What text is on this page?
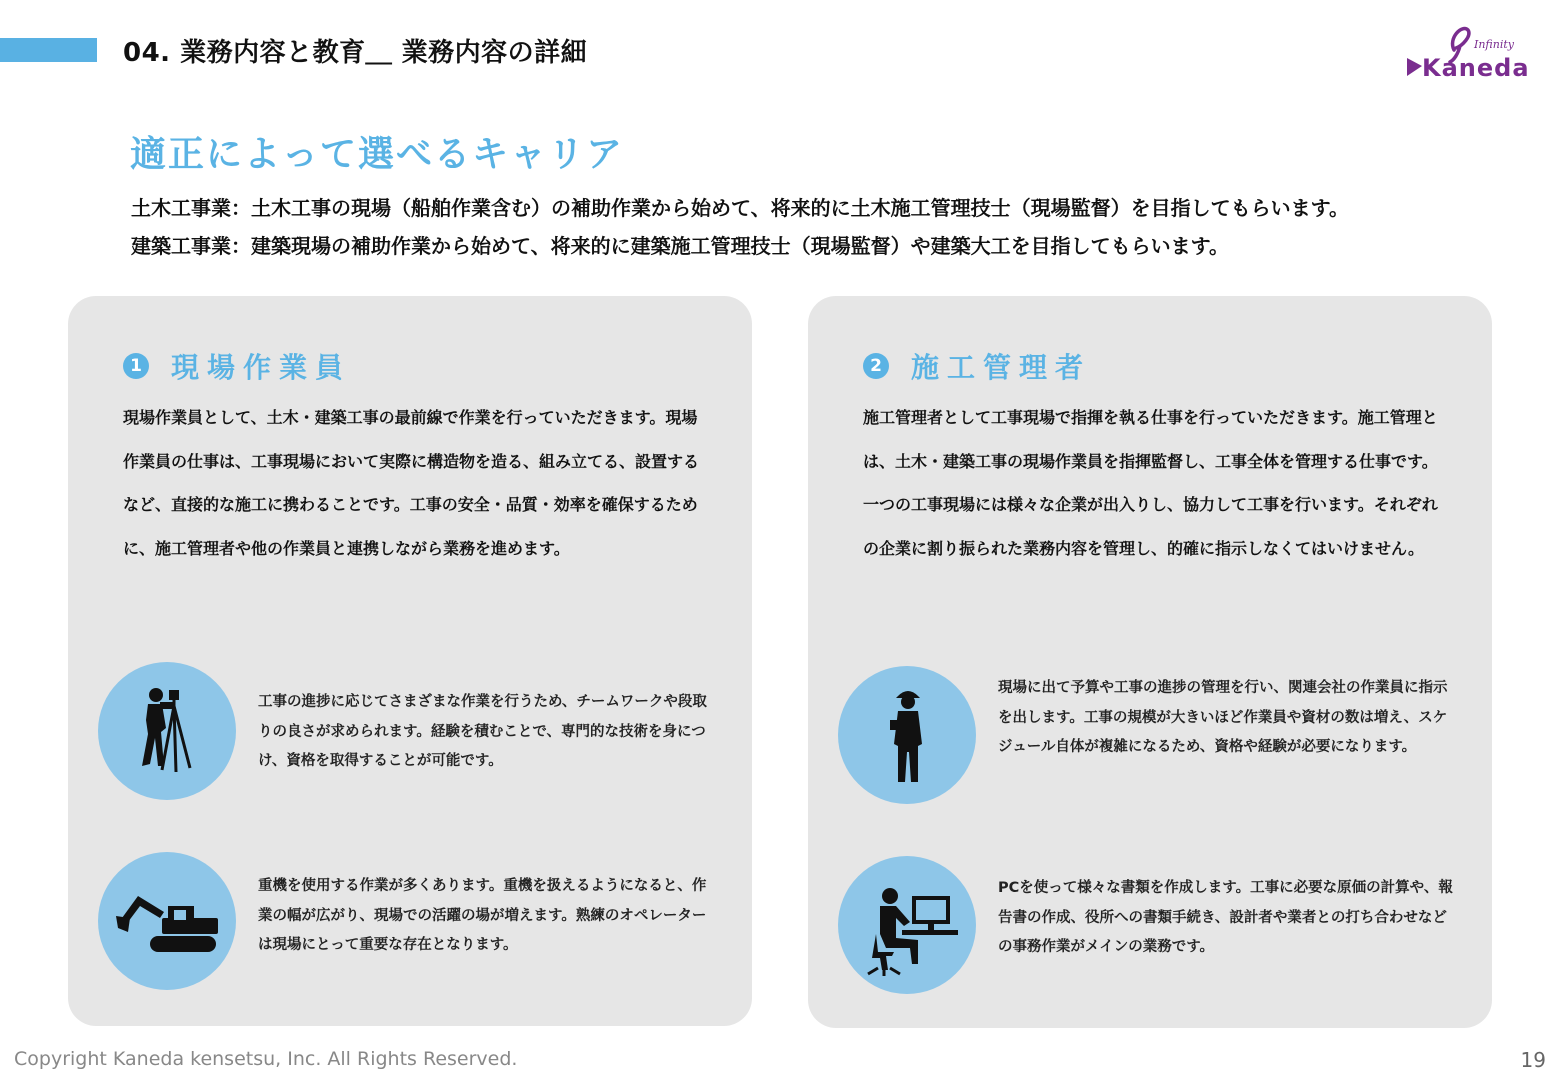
04. 業務内容と教育＿ 業務内容の詳細	Infinity
Kaneda
適正によって選べるキャリア
土木工事業：土木工事の現場（船舶作業含む）の補助作業から始めて、将来的に土木施工管理技士（現場監督）を目指してもらいます。
建築工事業：建築現場の補助作業から始めて、将来的に建築施工管理技士（現場監督）や建築大工を目指してもらいます。
1 現場作業員
現場作業員として、土木・建築工事の最前線で作業を行っていただきます。現場作業員の仕事は、工事現場において実際に構造物を造る、組み立てる、設置するなど、直接的な施工に携わることです。工事の安全・品質・効率を確保するために、施工管理者や他の作業員と連携しながら業務を進めます。
工事の進捗に応じてさまざまな作業を行うため、チームワークや段取りの良さが求められます。経験を積むことで、専門的な技術を身につけ、資格を取得することが可能です。
重機を使用する作業が多くあります。重機を扱えるようになると、作業の幅が広がり、現場での活躍の場が増えます。熟練のオペレーターは現場にとって重要な存在となります。
2 施工管理者
施工管理者として工事現場で指揮を執る仕事を行っていただきます。施工管理とは、土木・建築工事の現場作業員を指揮監督し、工事全体を管理する仕事です。一つの工事現場には様々な企業が出入りし、協力して工事を行います。それぞれの企業に割り振られた業務内容を管理し、的確に指示しなくてはいけません。
現場に出て予算や工事の進捗の管理を行い、関連会社の作業員に指示を出します。工事の規模が大きいほど作業員や資材の数は増え、スケジュール自体が複雑になるため、資格や経験が必要になります。
PCを使って様々な書類を作成します。工事に必要な原価の計算や、報告書の作成、役所への書類手続き、設計者や業者との打ち合わせなどの事務作業がメインの業務です。
Copyright Kaneda kensetsu, Inc. All Rights Reserved.	19
